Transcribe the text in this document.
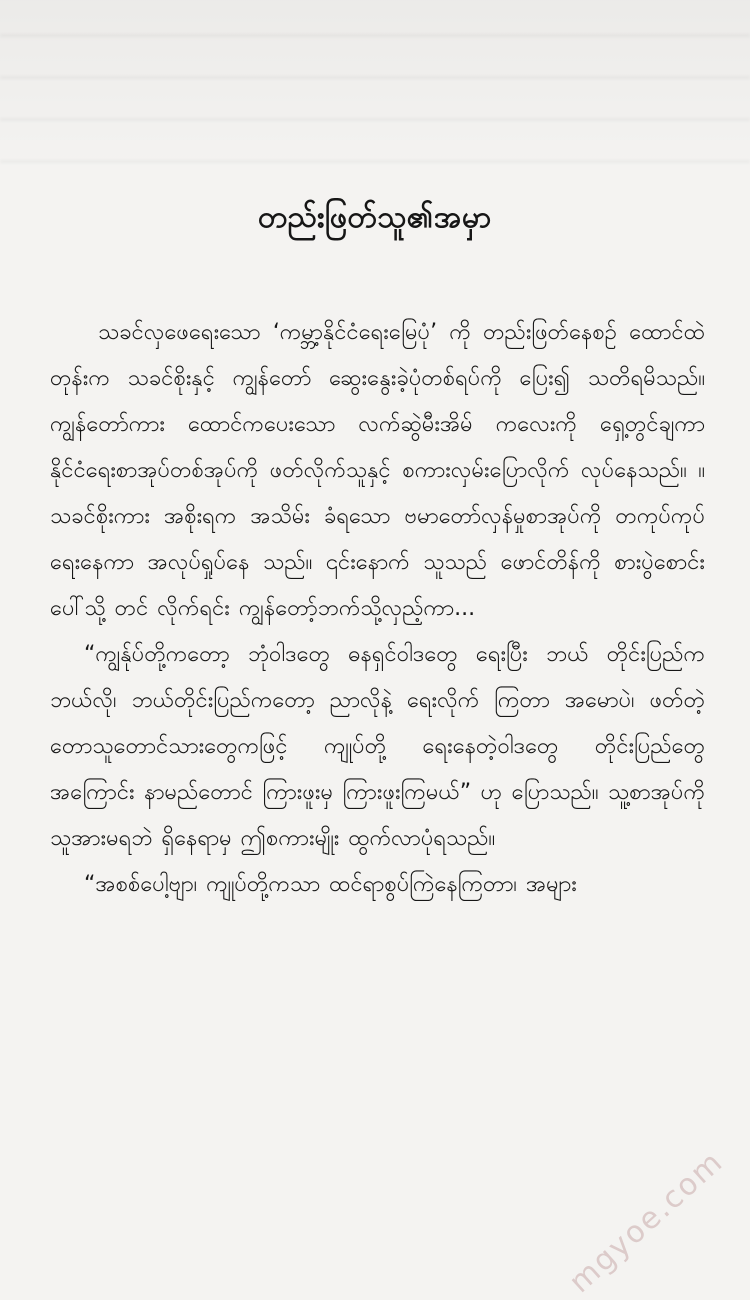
တည်းဖြတ်သူ၏အမှာ

သခင်လှဖေရေးသော ‘ကမ္ဘာ့နိုင်ငံရေးမြေပုံ’ ကို တည်းဖြတ်နေစဉ် ထောင်ထဲတုန်းက သခင်စိုးနှင့် ကျွန်တော် ဆွေးနွေးခဲ့ပုံတစ်ရပ်ကို ပြေး၍ သတိရမိသည်။ ကျွန်တော်ကား ထောင်ကပေးသော လက်ဆွဲမီးအိမ် ကလေးကို ရှေ့တွင်ချကာ နိုင်ငံရေးစာအုပ်တစ်အုပ်ကို ဖတ်လိုက်သူနှင့် စကားလှမ်းပြောလိုက် လုပ်နေသည်။ ။ သခင်စိုးကား အစိုးရက အသိမ်း ခံရသော ဗမာတော်လှန်မှုစာအုပ်ကို တကုပ်ကုပ်ရေးနေကာ အလုပ်ရှုပ်နေ သည်။ ၎င်းနောက် သူသည် ဖောင်တိန်ကို စားပွဲစောင်းပေါ်သို့ တင် လိုက်ရင်း ကျွန်တော့်ဘက်သို့လှည့်ကာ...

“ကျွန်ုပ်တို့ကတော့ ဘုံဝါဒတွေ ဓနရှင်ဝါဒတွေ ရေးပြီး ဘယ် တိုင်းပြည်က ဘယ်လို၊ ဘယ်တိုင်းပြည်ကတော့ ညာလိုနဲ့ ရေးလိုက် ကြတာ အမောပဲ၊ ဖတ်တဲ့ တောသူတောင်သားတွေကဖြင့် ကျုပ်တို့ ရေးနေတဲ့ဝါဒတွေ တိုင်းပြည်တွေအကြောင်း နာမည်တောင် ကြားဖူးမှ ကြားဖူးကြမယ်” ဟု ပြောသည်။ သူ့စာအုပ်ကို သူအားမရဘဲ ရှိနေရာမှ ဤစကားမျိုး ထွက်လာပုံရသည်။

“အစစ်ပေါ့ဗျာ၊ ကျုပ်တို့ကသာ ထင်ရာစွပ်ကြဲနေကြတာ၊ အများ

mgyoe.com
